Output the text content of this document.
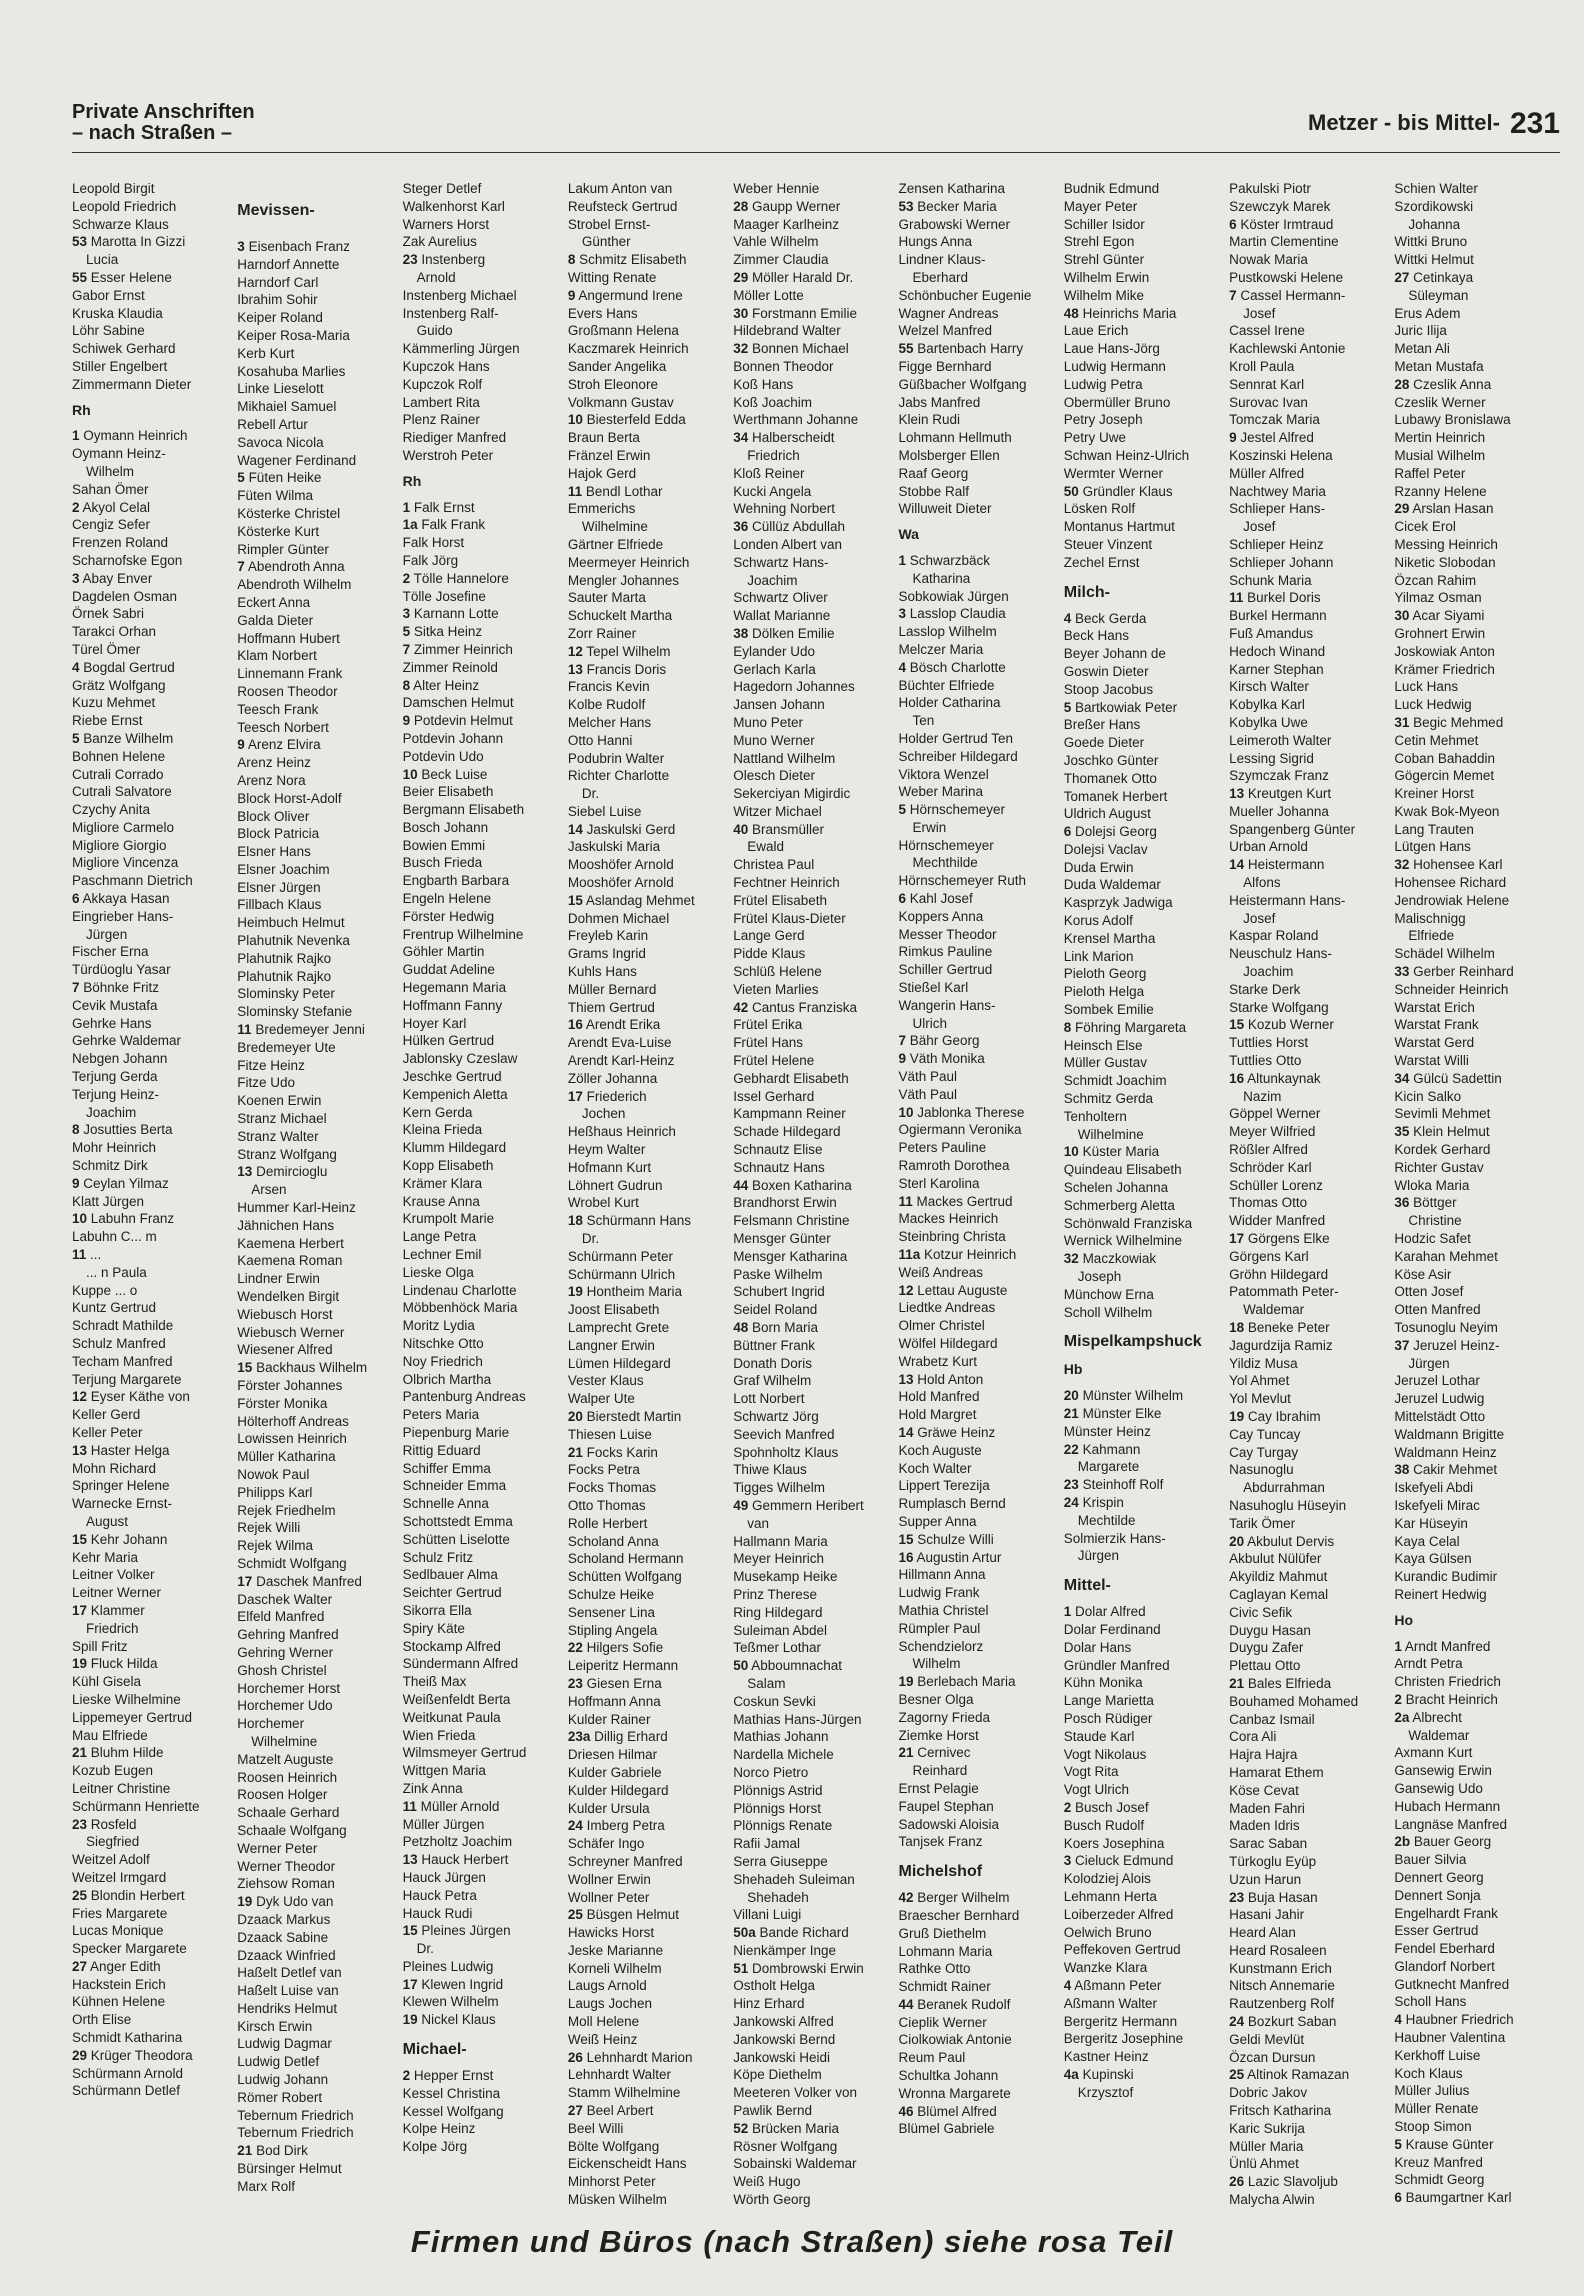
Private Anschriften
– nach Straßen –	Metzer - bis Mittel- 231
Leopold Birgit
Leopold Friedrich
Schwarze Klaus
53 Marotta In Gizzi
Lucia
55 Esser Helene
Gabor Ernst
Kruska Klaudia
Löhr Sabine
Schiwek Gerhard
Stiller Engelbert
Zimmermann Dieter
Rh
1 Oymann Heinrich
Oymann Heinz-
Wilhelm
Sahan Ömer
2 Akyol Celal
Cengiz Sefer
Frenzen Roland
Scharnofske Egon
3 Abay Enver
Dagdelen Osman
Örnek Sabri
Tarakci Orhan
Türel Ömer
4 Bogdal Gertrud
Grätz Wolfgang
Kuzu Mehmet
Riebe Ernst
5 Banze Wilhelm
Bohnen Helene
Cutrali Corrado
Cutrali Salvatore
Czychy Anita
Migliore Carmelo
Migliore Giorgio
Migliore Vincenza
Paschmann Dietrich
6 Akkaya Hasan
Eingrieber Hans-
Jürgen
Fischer Erna
Türdüoglu Yasar
7 Böhnke Fritz
Cevik Mustafa
Gehrke Hans
Gehrke Waldemar
Nebgen Johann
Terjung Gerda
Terjung Heinz-
Joachim
8 Josutties Berta
Mohr Heinrich
Schmitz Dirk
9 Ceylan Yilmaz
Klatt Jürgen
10 Labuhn Franz
Labuhn C... m
11 ...
... n Paula
Kuppe ... o
Kuntz Gertrud
Schradt Mathilde
Schulz Manfred
Techam Manfred
Terjung Margarete
12 Eyser Käthe von
Keller Gerd
Keller Peter
13 Haster Helga
Mohn Richard
Springer Helene
Warnecke Ernst-
August
15 Kehr Johann
Kehr Maria
Leitner Volker
Leitner Werner
17 Klammer
Friedrich
Spill Fritz
19 Fluck Hilda
Kühl Gisela
Lieske Wilhelmine
Lippemeyer Gertrud
Mau Elfriede
21 Bluhm Hilde
Kozub Eugen
Leitner Christine
Schürmann Henriette
23 Rosfeld
Siegfried
Weitzel Adolf
Weitzel Irmgard
25 Blondin Herbert
Fries Margarete
Lucas Monique
Specker Margarete
27 Anger Edith
Hackstein Erich
Kühnen Helene
Orth Elise
Schmidt Katharina
29 Krüger Theodora
Schürmann Arnold
Schürmann Detlef
Mevissen-
3 Eisenbach Franz
Harndorf Annette
Harndorf Carl
Ibrahim Sohir
Keiper Roland
Keiper Rosa-Maria
Kerb Kurt
Kosahuba Marlies
Linke Lieselott
Mikhaiel Samuel
Rebell Artur
Savoca Nicola
Wagener Ferdinand
5 Füten Heike
Füten Wilma
Kösterke Christel
Kösterke Kurt
Rimpler Günter
7 Abendroth Anna
Abendroth Wilhelm
Eckert Anna
Galda Dieter
Hoffmann Hubert
Klam Norbert
Linnemann Frank
Roosen Theodor
Teesch Frank
Teesch Norbert
9 Arenz Elvira
Arenz Heinz
Arenz Nora
Block Horst-Adolf
Block Oliver
Block Patricia
Elsner Hans
Elsner Joachim
Elsner Jürgen
Fillbach Klaus
Heimbuch Helmut
Plahutnik Nevenka
Plahutnik Rajko
Plahutnik Rajko
Slominsky Peter
Slominsky Stefanie
11 Bredemeyer Jenni
Bredemeyer Ute
Fitze Heinz
Fitze Udo
Koenen Erwin
Stranz Michael
Stranz Walter
Stranz Wolfgang
13 Demircioglu
Arsen
Hummer Karl-Heinz
Jähnichen Hans
Kaemena Herbert
Kaemena Roman
Lindner Erwin
Wendelken Birgit
Wiebusch Horst
Wiebusch Werner
Wiesener Alfred
15 Backhaus Wilhelm
Förster Johannes
Förster Monika
Hölterhoff Andreas
Lowissen Heinrich
Müller Katharina
Nowok Paul
Philipps Karl
Rejek Friedhelm
Rejek Willi
Rejek Wilma
Schmidt Wolfgang
17 Daschek Manfred
Daschek Walter
Elfeld Manfred
Gehring Manfred
Gehring Werner
Ghosh Christel
Horchemer Horst
Horchemer Udo
Horchemer
Wilhelmine
Matzelt Auguste
Roosen Heinrich
Roosen Holger
Schaale Gerhard
Schaale Wolfgang
Werner Peter
Werner Theodor
Ziehsow Roman
19 Dyk Udo van
Dzaack Markus
Dzaack Sabine
Dzaack Winfried
Haßelt Detlef van
Haßelt Luise van
Hendriks Helmut
Kirsch Erwin
Ludwig Dagmar
Ludwig Detlef
Ludwig Johann
Römer Robert
Tebernum Friedrich
Tebernum Friedrich
21 Bod Dirk
Bürsinger Helmut
Marx Rolf
Steger Detlef
Walkenhorst Karl
Warners Horst
Zak Aurelius
23 Instenberg
Arnold
Instenberg Michael
Instenberg Ralf-
Guido
Kämmerling Jürgen
Kupczok Hans
Kupczok Rolf
Lambert Rita
Plenz Rainer
Riediger Manfred
Werstroh Peter
Rh
1 Falk Ernst
1a Falk Frank
Falk Horst
Falk Jörg
2 Tölle Hannelore
Tölle Josefine
3 Karnann Lotte
5 Sitka Heinz
7 Zimmer Heinrich
Zimmer Reinold
8 Alter Heinz
Damschen Helmut
9 Potdevin Helmut
Potdevin Johann
Potdevin Udo
10 Beck Luise
Beier Elisabeth
Bergmann Elisabeth
Bosch Johann
Bowien Emmi
Busch Frieda
Engbarth Barbara
Engeln Helene
Förster Hedwig
Frentrup Wilhelmine
Göhler Martin
Guddat Adeline
Hegemann Maria
Hoffmann Fanny
Hoyer Karl
Hülken Gertrud
Jablonsky Czeslaw
Jeschke Gertrud
Kempenich Aletta
Kern Gerda
Kleina Frieda
Klumm Hildegard
Kopp Elisabeth
Krämer Klara
Krause Anna
Krumpolt Marie
Lange Petra
Lechner Emil
Lieske Olga
Lindenau Charlotte
Möbbenhöck Maria
Moritz Lydia
Nitschke Otto
Noy Friedrich
Olbrich Martha
Pantenburg Andreas
Peters Maria
Piepenburg Marie
Rittig Eduard
Schiffer Emma
Schneider Emma
Schnelle Anna
Schottstedt Emma
Schütten Liselotte
Schulz Fritz
Sedlbauer Alma
Seichter Gertrud
Sikorra Ella
Spiry Käte
Stockamp Alfred
Sündermann Alfred
Theiß Max
Weißenfeldt Berta
Weitkunat Paula
Wien Frieda
Wilmsmeyer Gertrud
Wittgen Maria
Zink Anna
11 Müller Arnold
Müller Jürgen
Petzholtz Joachim
13 Hauck Herbert
Hauck Jürgen
Hauck Petra
Hauck Rudi
15 Pleines Jürgen
Dr.
Pleines Ludwig
17 Klewen Ingrid
Klewen Wilhelm
19 Nickel Klaus
Michael-
2 Hepper Ernst
Kessel Christina
Kessel Wolfgang
Kolpe Heinz
Kolpe Jörg
Lakum Anton van
Reufsteck Gertrud
Strobel Ernst-
Günther
8 Schmitz Elisabeth
Witting Renate
9 Angermund Irene
Evers Hans
Großmann Helena
Kaczmarek Heinrich
Sander Angelika
Stroh Eleonore
Volkmann Gustav
10 Biesterfeld Edda
Braun Berta
Fränzel Erwin
Hajok Gerd
11 Bendl Lothar
Emmerichs
Wilhelmine
Gärtner Elfriede
Meermeyer Heinrich
Mengler Johannes
Sauter Marta
Schuckelt Martha
Zorr Rainer
12 Tepel Wilhelm
13 Francis Doris
Francis Kevin
Kolbe Rudolf
Melcher Hans
Otto Hanni
Podubrin Walter
Richter Charlotte
Dr.
Siebel Luise
14 Jaskulski Gerd
Jaskulski Maria
Mooshöfer Arnold
Mooshöfer Arnold
15 Aslandag Mehmet
Dohmen Michael
Freyleb Karin
Grams Ingrid
Kuhls Hans
Müller Bernard
Thiem Gertrud
16 Arendt Erika
Arendt Eva-Luise
Arendt Karl-Heinz
Zöller Johanna
17 Friederich
Jochen
Heßhaus Heinrich
Heym Walter
Hofmann Kurt
Löhnert Gudrun
Wrobel Kurt
18 Schürmann Hans
Dr.
Schürmann Peter
Schürmann Ulrich
19 Hontheim Maria
Joost Elisabeth
Lamprecht Grete
Langner Erwin
Lümen Hildegard
Vester Klaus
Walper Ute
20 Bierstedt Martin
Thiesen Luise
21 Focks Karin
Focks Petra
Focks Thomas
Otto Thomas
Rolle Herbert
Scholand Anna
Scholand Hermann
Schütten Wolfgang
Schulze Heike
Sensener Lina
Stipling Angela
22 Hilgers Sofie
Leiperitz Hermann
23 Giesen Erna
Hoffmann Anna
Kulder Rainer
23a Dillig Erhard
Driesen Hilmar
Kulder Gabriele
Kulder Hildegard
Kulder Ursula
24 Imberg Petra
Schäfer Ingo
Schreyner Manfred
Wollner Erwin
Wollner Peter
25 Büsgen Helmut
Hawicks Horst
Jeske Marianne
Korneli Wilhelm
Laugs Arnold
Laugs Jochen
Moll Helene
Weiß Heinz
26 Lehnhardt Marion
Lehnhardt Walter
Stamm Wilhelmine
27 Beel Arbert
Beel Willi
Bölte Wolfgang
Eickenscheidt Hans
Minhorst Peter
Müsken Wilhelm
Weber Hennie
28 Gaupp Werner
Maager Karlheinz
Vahle Wilhelm
Zimmer Claudia
29 Möller Harald Dr.
Möller Lotte
30 Forstmann Emilie
Hildebrand Walter
32 Bonnen Michael
Bonnen Theodor
Koß Hans
Koß Joachim
Werthmann Johanne
34 Halberscheidt
Friedrich
Kloß Reiner
Kucki Angela
Wehning Norbert
36 Cüllüz Abdullah
Londen Albert van
Schwartz Hans-
Joachim
Schwartz Oliver
Wallat Marianne
38 Dölken Emilie
Eylander Udo
Gerlach Karla
Hagedorn Johannes
Jansen Johann
Muno Peter
Muno Werner
Nattland Wilhelm
Olesch Dieter
Sekerciyan Migirdic
Witzer Michael
40 Bransmüller
Ewald
Christea Paul
Fechtner Heinrich
Frütel Elisabeth
Frütel Klaus-Dieter
Lange Gerd
Pidde Klaus
Schlüß Helene
Vieten Marlies
42 Cantus Franziska
Frütel Erika
Frütel Hans
Frütel Helene
Gebhardt Elisabeth
Issel Gerhard
Kampmann Reiner
Schade Hildegard
Schnautz Elise
Schnautz Hans
44 Boxen Katharina
Brandhorst Erwin
Felsmann Christine
Mensger Günter
Mensger Katharina
Paske Wilhelm
Schubert Ingrid
Seidel Roland
48 Born Maria
Büttner Frank
Donath Doris
Graf Wilhelm
Lott Norbert
Schwartz Jörg
Seevich Manfred
Spohnholtz Klaus
Thiwe Klaus
Tigges Wilhelm
49 Gemmern Heribert
van
Hallmann Maria
Meyer Heinrich
Musekamp Heike
Prinz Therese
Ring Hildegard
Suleiman Abdel
Teßmer Lothar
50 Abboumnachat
Salam
Coskun Sevki
Mathias Hans-Jürgen
Mathias Johann
Nardella Michele
Norco Pietro
Plönnigs Astrid
Plönnigs Horst
Plönnigs Renate
Rafii Jamal
Serra Giuseppe
Shehadeh Suleiman
Shehadeh
Villani Luigi
50a Bande Richard
Nienkämper Inge
51 Dombrowski Erwin
Ostholt Helga
Hinz Erhard
Jankowski Alfred
Jankowski Bernd
Jankowski Heidi
Köpe Diethelm
Meeteren Volker von
Pawlik Bernd
52 Brücken Maria
Rösner Wolfgang
Sobainski Waldemar
Weiß Hugo
Wörth Georg
Zensen Katharina
53 Becker Maria
Grabowski Werner
Hungs Anna
Lindner Klaus-
Eberhard
Schönbucher Eugenie
Wagner Andreas
Welzel Manfred
55 Bartenbach Harry
Figge Bernhard
Güßbacher Wolfgang
Jabs Manfred
Klein Rudi
Lohmann Hellmuth
Molsberger Ellen
Raaf Georg
Stobbe Ralf
Willuweit Dieter
Wa
1 Schwarzbäck
Katharina
Sobkowiak Jürgen
3 Lasslop Claudia
Lasslop Wilhelm
Melczer Maria
4 Bösch Charlotte
Büchter Elfriede
Holder Catharina
Ten
Holder Gertrud Ten
Schreiber Hildegard
Viktora Wenzel
Weber Marina
5 Hörnschemeyer
Erwin
Hörnschemeyer
Mechthilde
Hörnschemeyer Ruth
6 Kahl Josef
Koppers Anna
Messer Theodor
Rimkus Pauline
Schiller Gertrud
Stießel Karl
Wangerin Hans-
Ulrich
7 Bähr Georg
9 Väth Monika
Väth Paul
Väth Paul
10 Jablonka Therese
Ogiermann Veronika
Peters Pauline
Ramroth Dorothea
Sterl Karolina
11 Mackes Gertrud
Mackes Heinrich
Steinbring Christa
11a Kotzur Heinrich
Weiß Andreas
12 Lettau Auguste
Liedtke Andreas
Olmer Christel
Wölfel Hildegard
Wrabetz Kurt
13 Hold Anton
Hold Manfred
Hold Margret
14 Gräwe Heinz
Koch Auguste
Koch Walter
Lippert Terezija
Rumplasch Bernd
Supper Anna
15 Schulze Willi
16 Augustin Artur
Hillmann Anna
Ludwig Frank
Mathia Christel
Rümpler Paul
Schendzielorz
Wilhelm
19 Berlebach Maria
Besner Olga
Zagorny Frieda
Ziemke Horst
21 Cernivec
Reinhard
Ernst Pelagie
Faupel Stephan
Sadowski Aloisia
Tanjsek Franz
Michelshof
42 Berger Wilhelm
Braescher Bernhard
Gruß Diethelm
Lohmann Maria
Rathke Otto
Schmidt Rainer
44 Beranek Rudolf
Cieplik Werner
Ciolkowiak Antonie
Reum Paul
Schultka Johann
Wronna Margarete
46 Blümel Alfred
Blümel Gabriele
Budnik Edmund
Mayer Peter
Schiller Isidor
Strehl Egon
Strehl Günter
Wilhelm Erwin
Wilhelm Mike
48 Heinrichs Maria
Laue Erich
Laue Hans-Jörg
Ludwig Hermann
Ludwig Petra
Obermüller Bruno
Petry Joseph
Petry Uwe
Schwan Heinz-Ulrich
Wermter Werner
50 Gründler Klaus
Lösken Rolf
Montanus Hartmut
Steuer Vinzent
Zechel Ernst
Milch-
4 Beck Gerda
Beck Hans
Beyer Johann de
Goswin Dieter
Stoop Jacobus
5 Bartkowiak Peter
Breßer Hans
Goede Dieter
Joschko Günter
Thomanek Otto
Tomanek Herbert
Uldrich August
6 Dolejsi Georg
Dolejsi Vaclav
Duda Erwin
Duda Waldemar
Kasprzyk Jadwiga
Korus Adolf
Krensel Martha
Link Marion
Pieloth Georg
Pieloth Helga
Sombek Emilie
8 Föhring Margareta
Heinsch Else
Müller Gustav
Schmidt Joachim
Schmitz Gerda
Tenholtern
Wilhelmine
10 Küster Maria
Quindeau Elisabeth
Schelen Johanna
Schmerberg Aletta
Schönwald Franziska
Wernick Wilhelmine
32 Maczkowiak
Joseph
Münchow Erna
Scholl Wilhelm
Mispelkampshuck
Hb
20 Münster Wilhelm
21 Münster Elke
Münster Heinz
22 Kahmann
Margarete
23 Steinhoff Rolf
24 Krispin
Mechtilde
Solmierzik Hans-
Jürgen
Mittel-
1 Dolar Alfred
Dolar Ferdinand
Dolar Hans
Gründler Manfred
Kühn Monika
Lange Marietta
Posch Rüdiger
Staude Karl
Vogt Nikolaus
Vogt Rita
Vogt Ulrich
2 Busch Josef
Busch Rudolf
Koers Josephina
3 Cieluck Edmund
Kolodziej Alois
Lehmann Herta
Loiberzeder Alfred
Oelwich Bruno
Peffekoven Gertrud
Wanzke Klara
4 Aßmann Peter
Aßmann Walter
Bergeritz Hermann
Bergeritz Josephine
Kastner Heinz
4a Kupinski
Krzysztof
Pakulski Piotr
Szewczyk Marek
6 Köster Irmtraud
Martin Clementine
Nowak Maria
Pustkowski Helene
7 Cassel Hermann-
Josef
Cassel Irene
Kachlewski Antonie
Kroll Paula
Sennrat Karl
Surovac Ivan
Tomczak Maria
9 Jestel Alfred
Koszinski Helena
Müller Alfred
Nachtwey Maria
Schlieper Hans-
Josef
Schlieper Heinz
Schlieper Johann
Schunk Maria
11 Burkel Doris
Burkel Hermann
Fuß Amandus
Hedoch Winand
Karner Stephan
Kirsch Walter
Kobylka Karl
Kobylka Uwe
Leimeroth Walter
Lessing Sigrid
Szymczak Franz
13 Kreutgen Kurt
Mueller Johanna
Spangenberg Günter
Urban Arnold
14 Heistermann
Alfons
Heistermann Hans-
Josef
Kaspar Roland
Neuschulz Hans-
Joachim
Starke Derk
Starke Wolfgang
15 Kozub Werner
Tuttlies Horst
Tuttlies Otto
16 Altunkaynak
Nazim
Göppel Werner
Meyer Wilfried
Rößler Alfred
Schröder Karl
Schüller Lorenz
Thomas Otto
Widder Manfred
17 Görgens Elke
Görgens Karl
Gröhn Hildegard
Patommath Peter-
Waldemar
18 Beneke Peter
Jagurdzija Ramiz
Yildiz Musa
Yol Ahmet
Yol Mevlut
19 Cay Ibrahim
Cay Tuncay
Cay Turgay
Nasunoglu
Abdurrahman
Nasuhoglu Hüseyin
Tarik Ömer
20 Akbulut Dervis
Akbulut Nülüfer
Akyildiz Mahmut
Caglayan Kemal
Civic Sefik
Duygu Hasan
Duygu Zafer
Plettau Otto
21 Bales Elfrieda
Bouhamed Mohamed
Canbaz Ismail
Cora Ali
Hajra Hajra
Hamarat Ethem
Köse Cevat
Maden Fahri
Maden Idris
Sarac Saban
Türkoglu Eyüp
Uzun Harun
23 Buja Hasan
Hasani Jahir
Heard Alan
Heard Rosaleen
Kunstmann Erich
Nitsch Annemarie
Rautzenberg Rolf
24 Bozkurt Saban
Geldi Mevlüt
Özcan Dursun
25 Altinok Ramazan
Dobric Jakov
Fritsch Katharina
Karic Sukrija
Müller Maria
Ünlü Ahmet
26 Lazic Slavoljub
Malycha Alwin
Schien Walter
Szordikowski
Johanna
Wittki Bruno
Wittki Helmut
27 Cetinkaya
Süleyman
Erus Adem
Juric Ilija
Metan Ali
Metan Mustafa
28 Czeslik Anna
Czeslik Werner
Lubawy Bronislawa
Mertin Heinrich
Musial Wilhelm
Raffel Peter
Rzanny Helene
29 Arslan Hasan
Cicek Erol
Messing Heinrich
Niketic Slobodan
Özcan Rahim
Yilmaz Osman
30 Acar Siyami
Grohnert Erwin
Joskowiak Anton
Krämer Friedrich
Luck Hans
Luck Hedwig
31 Begic Mehmed
Cetin Mehmet
Coban Bahaddin
Gögercin Memet
Kreiner Horst
Kwak Bok-Myeon
Lang Trauten
Lütgen Hans
32 Hohensee Karl
Hohensee Richard
Jendrowiak Helene
Malischnigg
Elfriede
Schädel Wilhelm
33 Gerber Reinhard
Schneider Heinrich
Warstat Erich
Warstat Frank
Warstat Gerd
Warstat Willi
34 Gülcü Sadettin
Kicin Salko
Sevimli Mehmet
35 Klein Helmut
Kordek Gerhard
Richter Gustav
Wloka Maria
36 Böttger
Christine
Hodzic Safet
Karahan Mehmet
Köse Asir
Otten Josef
Otten Manfred
Tosunoglu Neyim
37 Jeruzel Heinz-
Jürgen
Jeruzel Lothar
Jeruzel Ludwig
Mittelstädt Otto
Waldmann Brigitte
Waldmann Heinz
38 Cakir Mehmet
Iskefyeli Abdi
Iskefyeli Mirac
Kar Hüseyin
Kaya Celal
Kaya Gülsen
Kurandic Budimir
Reinert Hedwig
Ho
1 Arndt Manfred
Arndt Petra
Christen Friedrich
2 Bracht Heinrich
2a Albrecht
Waldemar
Axmann Kurt
Gansewig Erwin
Gansewig Udo
Hubach Hermann
Langnäse Manfred
2b Bauer Georg
Bauer Silvia
Dennert Georg
Dennert Sonja
Engelhardt Frank
Esser Gertrud
Fendel Eberhard
Glandorf Norbert
Gutknecht Manfred
Scholl Hans
4 Haubner Friedrich
Haubner Valentina
Kerkhoff Luise
Koch Klaus
Müller Julius
Müller Renate
Stoop Simon
5 Krause Günter
Kreuz Manfred
Schmidt Georg
6 Baumgartner Karl
Firmen und Büros (nach Straßen) siehe rosa Teil
